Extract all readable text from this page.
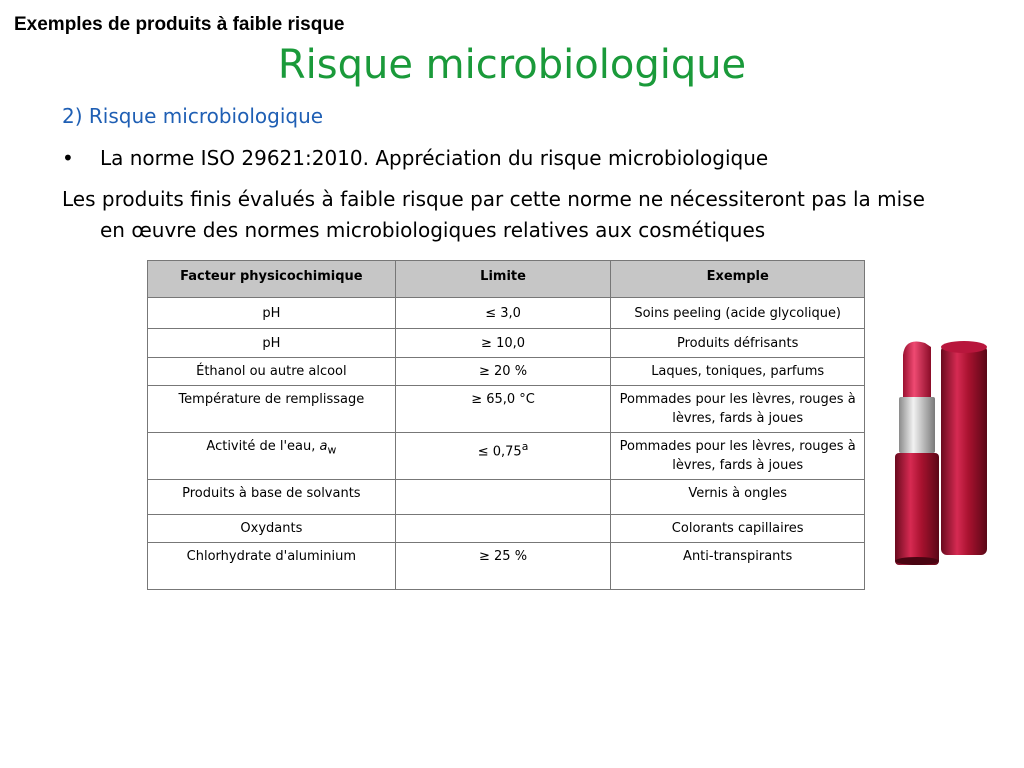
Exemples de produits à faible risque
Risque microbiologique
2) Risque microbiologique
• La norme ISO 29621:2010. Appréciation du risque microbiologique
Les produits finis évalués à faible risque par cette norme ne nécessiteront pas la mise
en œuvre des normes microbiologiques relatives aux cosmétiques
Facteur physicochimique	Limite	Exemple
pH	≤ 3,0	Soins peeling (acide glycolique)
pH	≥ 10,0	Produits défrisants
Éthanol ou autre alcool	≥ 20 %	Laques, toniques, parfums
Température de remplissage	≥ 65,0 °C	Pommades pour les lèvres, rouges à lèvres, fards à joues
Activité de l'eau, $a_w$	≤ 0,75$^a$	Pommades pour les lèvres, rouges à lèvres, fards à joues
Produits à base de solvants		Vernis à ongles
Oxydants		Colorants capillaires
Chlorhydrate d'aluminium	≥ 25 %	Anti-transpirants
